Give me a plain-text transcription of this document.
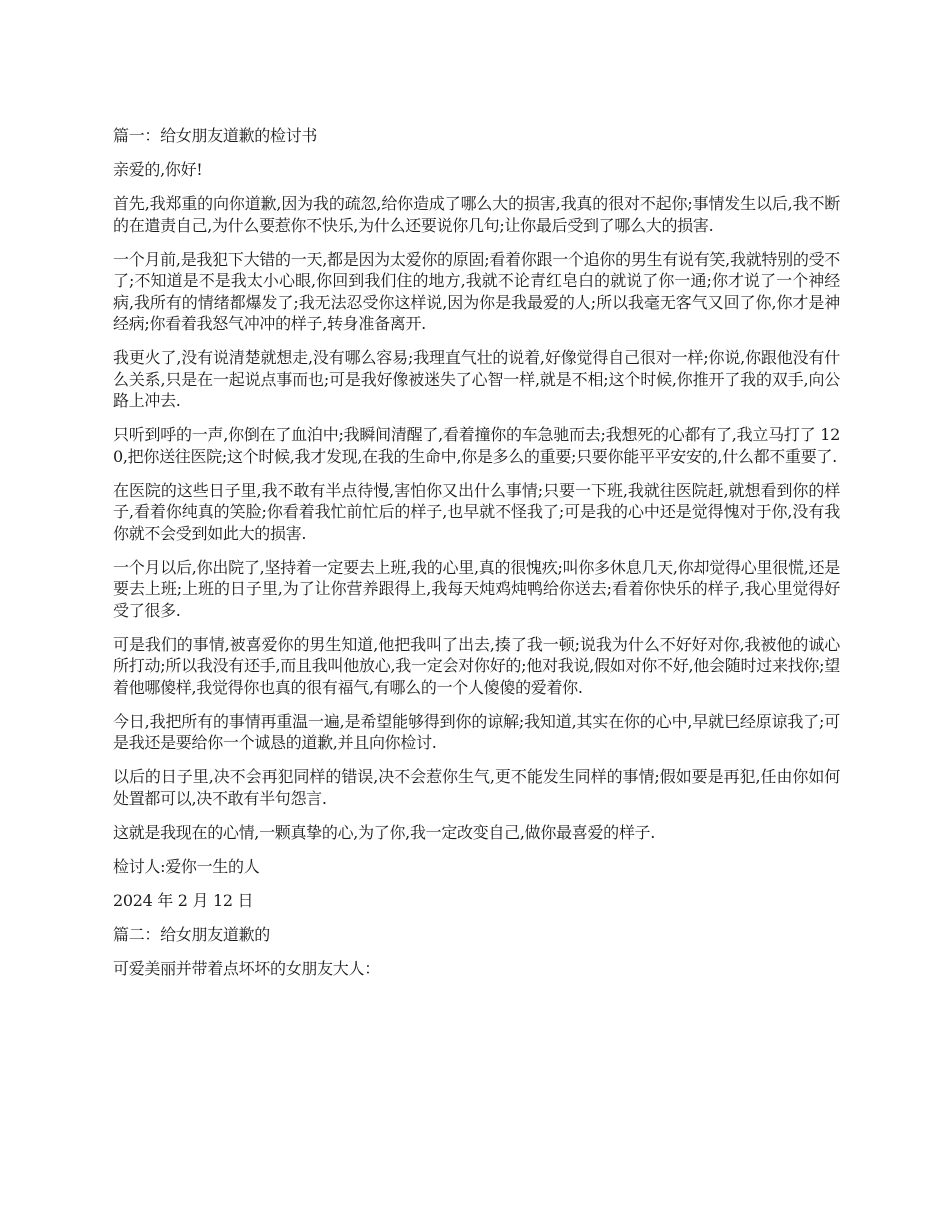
篇一：给女朋友道歉的检讨书

亲爱的,你好!

首先,我郑重的向你道歉,因为我的疏忽,给你造成了哪么大的损害,我真的很对不起你;事情发生以后,我不断的在遣责自己,为什么要惹你不快乐,为什么还要说你几句;让你最后受到了哪么大的损害.

一个月前,是我犯下大错的一天,都是因为太爱你的原固;看着你跟一个追你的男生有说有笑,我就特别的受不了;不知道是不是我太小心眼,你回到我们住的地方,我就不论青红皂白的就说了你一通;你才说了一个神经病,我所有的情绪都爆发了;我无法忍受你这样说,因为你是我最爱的人;所以我毫无客气又回了你,你才是神经病;你看着我怒气冲冲的样子,转身准备离开.

我更火了,没有说清楚就想走,没有哪么容易;我理直气壮的说着,好像觉得自己很对一样;你说,你跟他没有什么关系,只是在一起说点事而也;可是我好像被迷失了心智一样,就是不相;这个时候,你推开了我的双手,向公路上冲去.

只听到呼的一声,你倒在了血泊中;我瞬间清醒了,看着撞你的车急驰而去;我想死的心都有了,我立马打了 120,把你送往医院;这个时候,我才发现,在我的生命中,你是多么的重要;只要你能平平安安的,什么都不重要了.

在医院的这些日子里,我不敢有半点待慢,害怕你又出什么事情;只要一下班,我就往医院赶,就想看到你的样子,看着你纯真的笑脸;你看着我忙前忙后的样子,也早就不怪我了;可是我的心中还是觉得愧对于你,没有我你就不会受到如此大的损害.

一个月以后,你出院了,坚持着一定要去上班,我的心里,真的很愧疚;叫你多休息几天,你却觉得心里很慌,还是要去上班;上班的日子里,为了让你营养跟得上,我每天炖鸡炖鸭给你送去;看着你快乐的样子,我心里觉得好受了很多.

可是我们的事情,被喜爱你的男生知道,他把我叫了出去,揍了我一顿;说我为什么不好好对你,我被他的诚心所打动;所以我没有还手,而且我叫他放心,我一定会对你好的;他对我说,假如对你不好,他会随时过来找你;望着他哪傻样,我觉得你也真的很有福气,有哪么的一个人傻傻的爱着你.

今日,我把所有的事情再重温一遍,是希望能够得到你的谅解;我知道,其实在你的心中,早就巳经原谅我了;可是我还是要给你一个诚恳的道歉,并且向你检讨.

以后的日子里,决不会再犯同样的错误,决不会惹你生气,更不能发生同样的事情;假如要是再犯,任由你如何处置都可以,决不敢有半句怨言.

这就是我现在的心情,一颗真挚的心,为了你,我一定改变自己,做你最喜爱的样子.

检讨人:爱你一生的人

2024 年 2 月 12 日

篇二：给女朋友道歉的

可爱美丽并带着点坏坏的女朋友大人：
